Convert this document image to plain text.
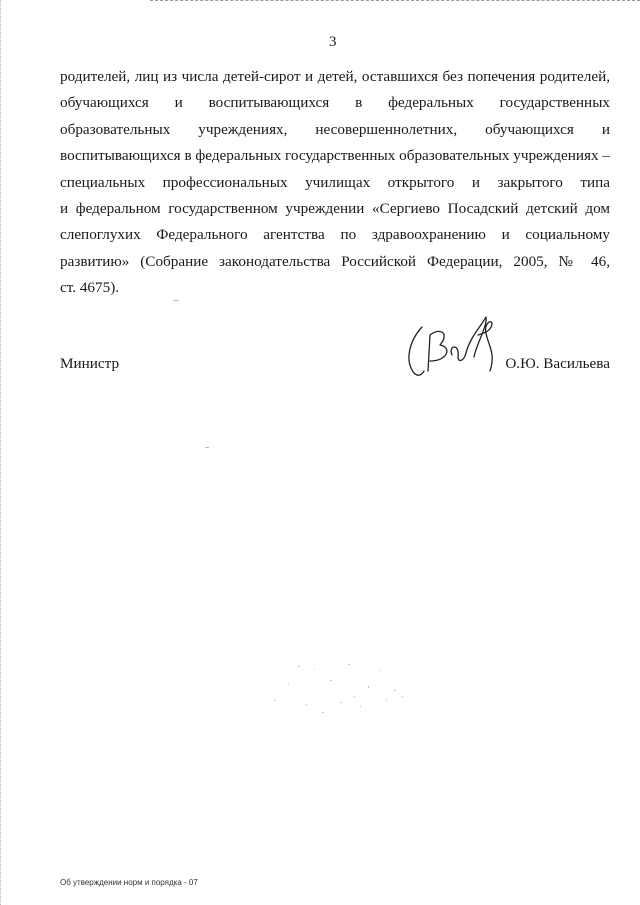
3
родителей, лиц из числа детей-сирот и детей, оставшихся без попечения родителей,
обучающихся и воспитывающихся в федеральных государственных
образовательных учреждениях, несовершеннолетних, обучающихся и
воспитывающихся в федеральных государственных образовательных учреждениях –
специальных профессиональных училищах открытого и закрытого типа
и федеральном государственном учреждении «Сергиево Посадский детский дом
слепоглухих Федерального агентства по здравоохранению и социальному
развитию» (Собрание законодательства Российской Федерации, 2005, № 46,
ст. 4675).
Министр	О.Ю. Васильева
Об утверждении норм и порядка - 07
